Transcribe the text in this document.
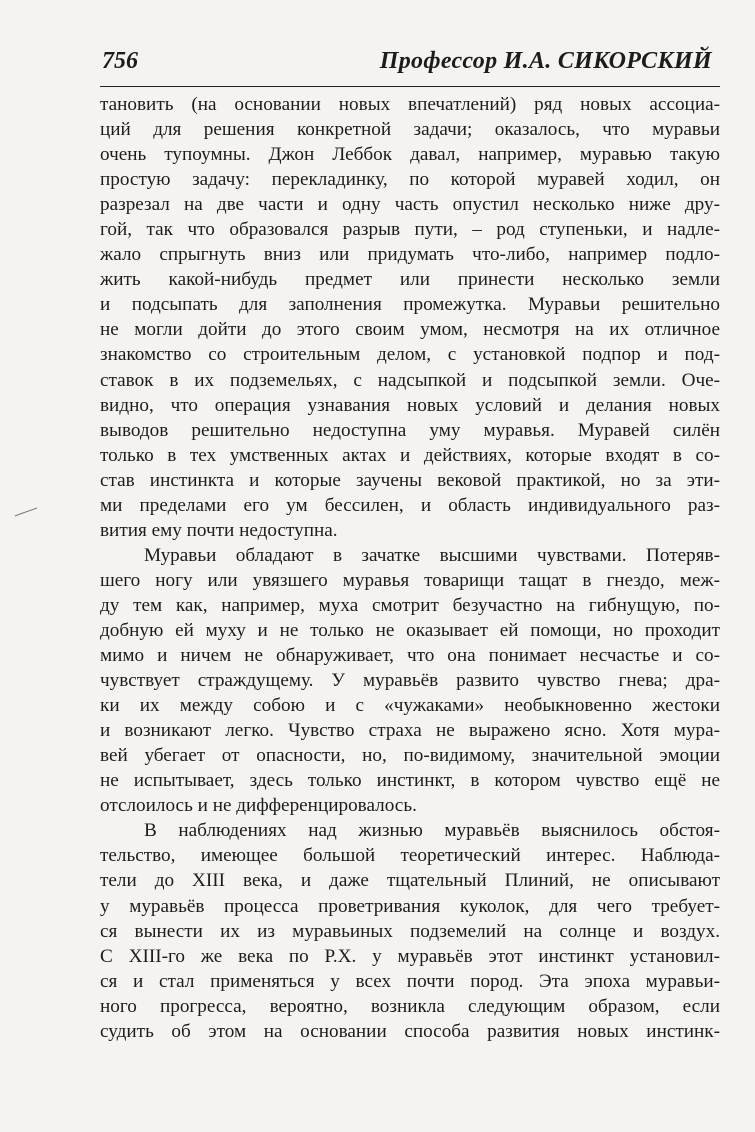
756	Профессор И.А. СИКОРСКИЙ
тановить (на основании новых впечатлений) ряд новых ассоциа-
ций для решения конкретной задачи; оказалось, что муравьи
очень тупоумны. Джон Леббок давал, например, муравью такую
простую задачу: перекладинку, по которой муравей ходил, он
разрезал на две части и одну часть опустил несколько ниже дру-
гой, так что образовался разрыв пути, – род ступеньки, и надле-
жало спрыгнуть вниз или придумать что-либо, например подло-
жить какой-нибудь предмет или принести несколько земли
и подсыпать для заполнения промежутка. Муравьи решительно
не могли дойти до этого своим умом, несмотря на их отличное
знакомство со строительным делом, с установкой подпор и под-
ставок в их подземельях, с надсыпкой и подсыпкой земли. Оче-
видно, что операция узнавания новых условий и делания новых
выводов решительно недоступна уму муравья. Муравей силён
только в тех умственных актах и действиях, которые входят в со-
став инстинкта и которые заучены вековой практикой, но за эти-
ми пределами его ум бессилен, и область индивидуального раз-
вития ему почти недоступна.
Муравьи обладают в зачатке высшими чувствами. Потеряв-
шего ногу или увязшего муравья товарищи тащат в гнездо, меж-
ду тем как, например, муха смотрит безучастно на гибнущую, по-
добную ей муху и не только не оказывает ей помощи, но проходит
мимо и ничем не обнаруживает, что она понимает несчастье и со-
чувствует страждущему. У муравьёв развито чувство гнева; дра-
ки их между собою и с «чужаками» необыкновенно жестоки
и возникают легко. Чувство страха не выражено ясно. Хотя мура-
вей убегает от опасности, но, по-видимому, значительной эмоции
не испытывает, здесь только инстинкт, в котором чувство ещё не
отслоилось и не дифференцировалось.
В наблюдениях над жизнью муравьёв выяснилось обстоя-
тельство, имеющее большой теоретический интерес. Наблюда-
тели до XIII века, и даже тщательный Плиний, не описывают
у муравьёв процесса проветривания куколок, для чего требует-
ся вынести их из муравьиных подземелий на солнце и воздух.
С XIII-го же века по Р.Х. у муравьёв этот инстинкт установил-
ся и стал применяться у всех почти пород. Эта эпоха муравьи-
ного прогресса, вероятно, возникла следующим образом, если
судить об этом на основании способа развития новых инстинк-
